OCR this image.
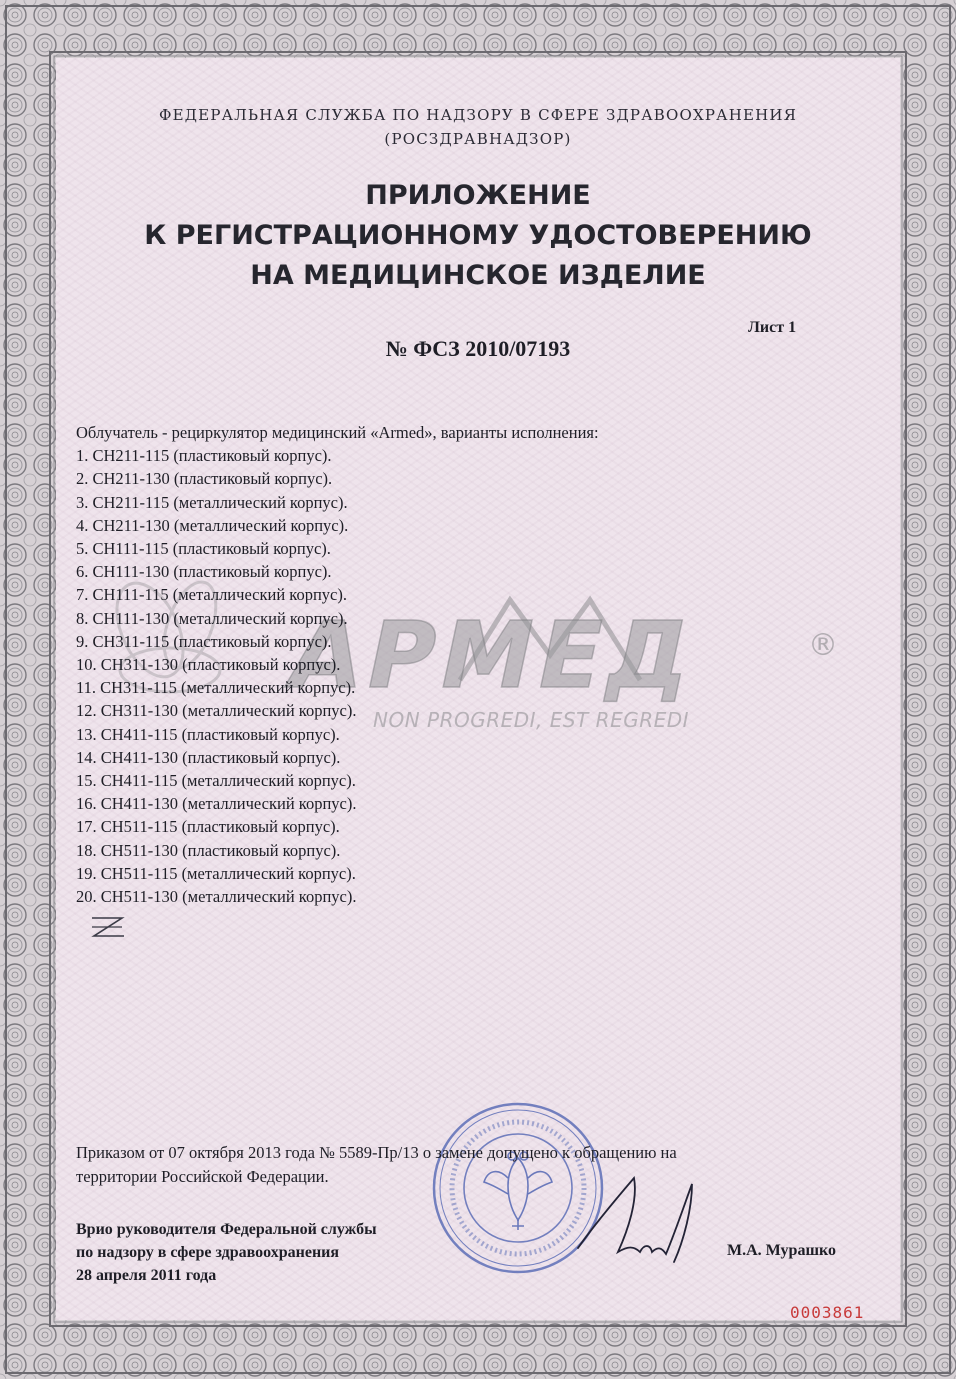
АРМЕД	®
NON PROGREDI, EST REGREDI
ФЕДЕРАЛЬНАЯ СЛУЖБА ПО НАДЗОРУ В СФЕРЕ ЗДРАВООХРАНЕНИЯ
(РОСЗДРАВНАДЗОР)
ПРИЛОЖЕНИЕ
К РЕГИСТРАЦИОННОМУ УДОСТОВЕРЕНИЮ
НА МЕДИЦИНСКОЕ ИЗДЕЛИЕ
Лист 1
№ ФСЗ 2010/07193
Облучатель - рециркулятор медицинский «Armed», варианты исполнения:
1. СН211-115 (пластиковый корпус).
2. СН211-130 (пластиковый корпус).
3. СН211-115 (металлический корпус).
4. СН211-130 (металлический корпус).
5. СН111-115 (пластиковый корпус).
6. СН111-130 (пластиковый корпус).
7. СН111-115 (металлический корпус).
8. СН111-130 (металлический корпус).
9. СН311-115 (пластиковый корпус).
10. СН311-130 (пластиковый корпус).
11. СН311-115 (металлический корпус).
12. СН311-130 (металлический корпус).
13. СН411-115 (пластиковый корпус).
14. СН411-130 (пластиковый корпус).
15. СН411-115 (металлический корпус).
16. СН411-130 (металлический корпус).
17. СН511-115 (пластиковый корпус).
18. СН511-130 (пластиковый корпус).
19. СН511-115 (металлический корпус).
20. СН511-130 (металлический корпус).
Приказом от 07 октября 2013 года № 5589-Пр/13 о замене допущено к обращению на
территории Российской Федерации.
Врио руководителя Федеральной службы
по надзору в сфере здравоохранения
28 апреля 2011 года
М.А. Мурашко
0003861
